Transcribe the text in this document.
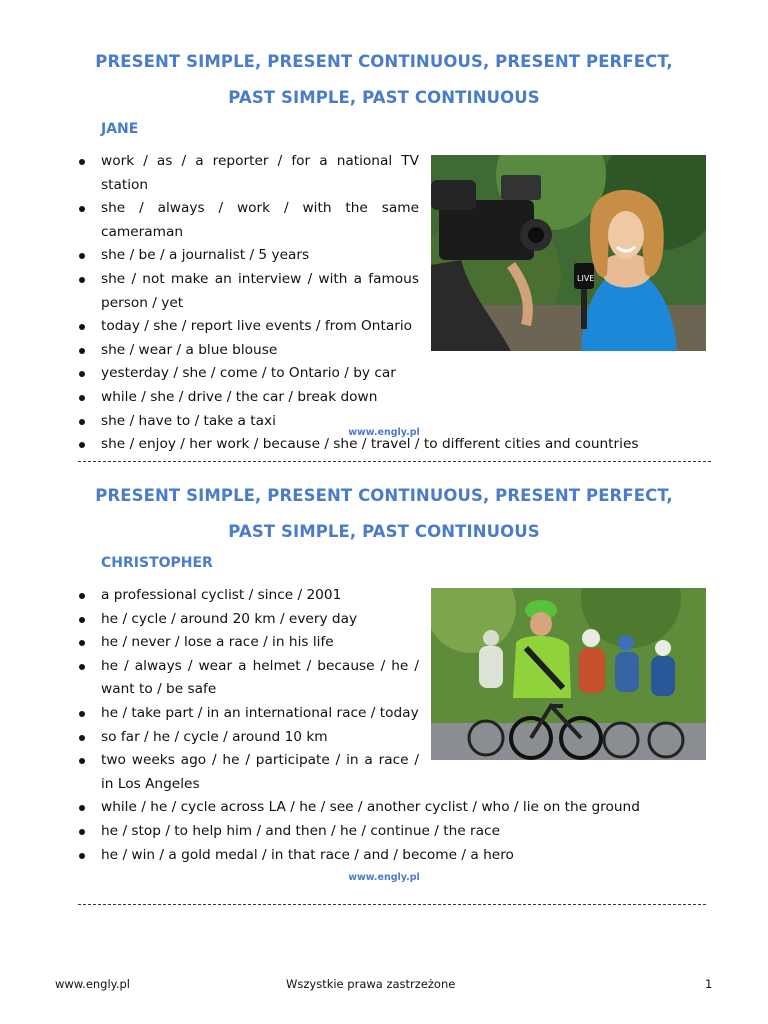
PRESENT SIMPLE, PRESENT CONTINUOUS, PRESENT PERFECT,
PAST SIMPLE, PAST CONTINUOUS
JANE
work / as / a reporter / for a national TV station
she / always / work / with the same cameraman
she / be / a journalist / 5 years
she / not make an interview / with a famous person / yet
today / she / report live events / from Ontario
she / wear / a blue blouse
yesterday / she / come / to Ontario / by car
while / she / drive / the car / break down
she / have to / take a taxi
she / enjoy / her work / because / she / travel / to different cities and countries
LIVE
www.engly.pl
PRESENT SIMPLE, PRESENT CONTINUOUS, PRESENT PERFECT,
PAST SIMPLE, PAST CONTINUOUS
CHRISTOPHER
a professional cyclist / since / 2001
he / cycle / around 20 km / every day
he / never / lose a race / in his life
he / always / wear a helmet / because / he / want to / be safe
he / take part / in an international race / today
so far / he / cycle / around 10 km
two weeks ago / he / participate / in a race / in Los Angeles
while / he / cycle across LA / he / see / another cyclist / who / lie on the ground
he / stop / to help him / and then / he / continue / the race
he / win / a gold medal / in that race / and / become / a hero
www.engly.pl
www.engly.pl	Wszystkie prawa zastrzeżone	1
